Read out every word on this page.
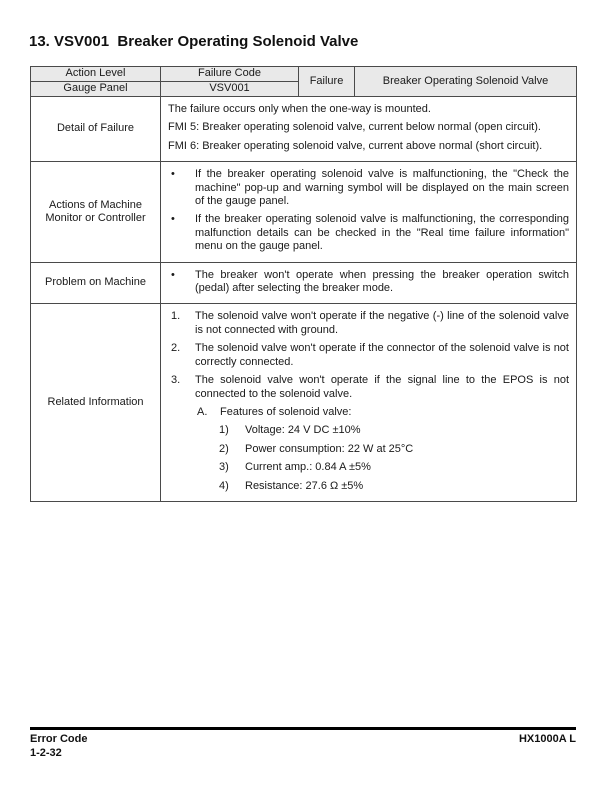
13. VSV001  Breaker Operating Solenoid Valve
Action Level	Failure Code	Failure	Breaker Operating Solenoid Valve
Gauge Panel	VSV001		
Detail of Failure	The failure occurs only when the one-way is mounted.
FMI 5: Breaker operating solenoid valve, current below normal (open circuit).
FMI 6: Breaker operating solenoid valve, current above normal (short circuit).		

Actions of Machine Monitor or Controller	• If the breaker operating solenoid valve is malfunctioning, the "Check the machine" pop-up and warning symbol will be displayed on the main screen of the gauge panel.
• If the breaker operating solenoid valve is malfunctioning, the corresponding malfunction details can be checked in the "Real time failure information" menu on the gauge panel.		

Problem on Machine	• The breaker won't operate when pressing the breaker operation switch (pedal) after selecting the breaker mode.		

Related Information	
1.	The solenoid valve won't operate if the negative (-) line of the solenoid valve is not connected with ground.
2.	The solenoid valve won't operate if the connector of the solenoid valve is not correctly connected.
3.	The solenoid valve won't operate if the signal line to the EPOS is not connected to the solenoid valve.
A.	Features of solenoid valve:
1)	Voltage: 24 V DC ±10%
2)	Power consumption: 22 W at 25°C
3)	Current amp.: 0.84 A ±5%
4)	Resistance: 27.6 Ω ±5%
Error Code
1-2-32
HX1000A L
